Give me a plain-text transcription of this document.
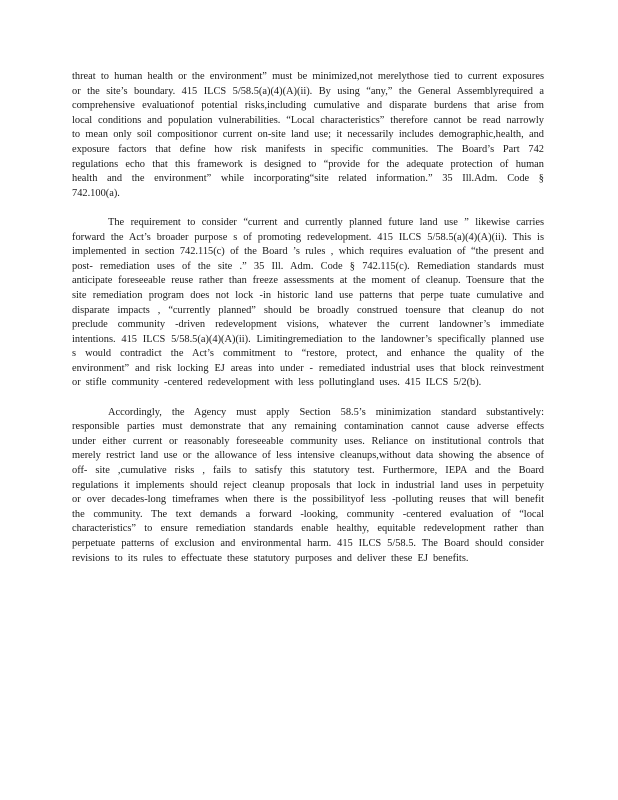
threat to human health or the environment” must be minimized,not merelythose tied to current exposures or the site’s boundary. 415 ILCS 5/58.5(a)(4)(A)(ii). By using “any,” the General Assemblyrequired a comprehensive evaluationof potential risks,including cumulative and disparate burdens that arise from local conditions and population vulnerabilities. “Local characteristics” therefore cannot be read narrowly to mean only soil compositionor current on-site land use; it necessarily includes demographic,health, and exposure factors that define how risk manifests in specific communities. The Board’s Part 742 regulations echo that this framework is designed to “provide for the adequate protection of human health and the environment” while incorporating“site related information.” 35 Ill.Adm. Code § 742.100(a).

The requirement to consider “current and currently planned future land use ” likewise carries forward the Act’s broader purpose s of promoting redevelopment. 415 ILCS 5/58.5(a)(4)(A)(ii). This is implemented in section 742.115(c) of the Board ’s rules , which requires evaluation of “the present and post- remediation uses of the site .” 35 Ill. Adm. Code § 742.115(c). Remediation standards must anticipate foreseeable reuse rather than freeze assessments at the moment of cleanup. Toensure that the site remediation program does not lock -in historic land use patterns that perpe tuate cumulative and disparate impacts , “currently planned” should be broadly construed toensure that cleanup do not preclude community -driven redevelopment visions, whatever the current landowner’s immediate intentions. 415 ILCS 5/58.5(a)(4)(A)(ii). Limitingremediation to the landowner’s specifically planned use s would contradict the Act’s commitment to “restore, protect, and enhance the quality of the environment” and risk locking EJ areas into under - remediated industrial uses that block reinvestment or stifle community -centered redevelopment with less pollutingland uses. 415 ILCS 5/2(b).

Accordingly, the Agency must apply Section 58.5’s minimization standard substantively: responsible parties must demonstrate that any remaining contamination cannot cause adverse effects under either current or reasonably foreseeable community uses. Reliance on institutional controls that merely restrict land use or the allowance of less intensive cleanups,without data showing the absence of off- site ,cumulative risks , fails to satisfy this statutory test. Furthermore, IEPA and the Board regulations it implements should reject cleanup proposals that lock in industrial land uses in perpetuity or over decades-long timeframes when there is the possibilityof less -polluting reuses that will benefit the community. The text demands a forward -looking, community -centered evaluation of “local characteristics” to ensure remediation standards enable healthy, equitable redevelopment rather than perpetuate patterns of exclusion and environmental harm. 415 ILCS 5/58.5. The Board should consider revisions to its rules to effectuate these statutory purposes and deliver these EJ benefits.
